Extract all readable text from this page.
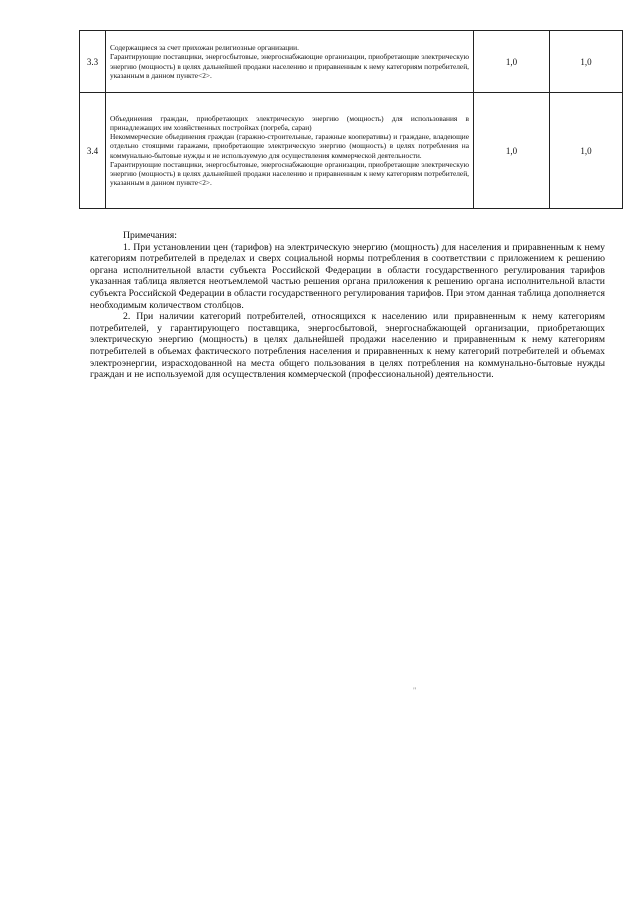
3.3	Содержащиеся за счет прихожан религиозные организации.

Гарантирующие поставщики, энергосбытовые, энергоснабжающие организации, приобретающие электрическую энергию (мощность) в целях дальнейшей продажи населению и приравненным к нему категориям потребителей, указанным в данном пункте<2>.	1,0	1,0
3.4	Объединения граждан, приобретающих электрическую энергию (мощность) для использования в принадлежащих им хозяйственных постройках (погреба, сараи)

Некоммерческие объединения граждан (гаражно-строительные, гаражные кооперативы) и граждане, владеющие отдельно стоящими гаражами, приобретающие электрическую энергию (мощность) в целях потребления на коммунально-бытовые нужды и не используемую для осуществления коммерческой деятельности.

Гарантирующие поставщики, энергосбытовые, энергоснабжающие организации, приобретающие электрическую энергию (мощность) в целях дальнейшей продажи населению и приравненным к нему категориям потребителей, указанным в данном пункте<2>.	1,0	1,0
Примечания:

1. При установлении цен (тарифов) на электрическую энергию (мощность) для населения и приравненным к нему категориям потребителей в пределах и сверх социальной нормы потребления в соответствии с приложением к решению органа исполнительной власти субъекта Российской Федерации в области государственного регулирования тарифов указанная таблица является неотъемлемой частью решения органа приложения к решению органа исполнительной власти субъекта Российской Федерации в области государственного регулирования тарифов. При этом данная таблица дополняется необходимым количеством столбцов.

2. При наличии категорий потребителей, относящихся к населению или приравненным к нему категориям потребителей, у гарантирующего поставщика, энергосбытовой, энергоснабжающей организации, приобретающих электрическую энергию (мощность) в целях дальнейшей продажи населению и приравненным к нему категориям потребителей в объемах фактического потребления населения и приравненных к нему категорий потребителей и объемах электроэнергии, израсходованной на места общего пользования в целях потребления на коммунально-бытовые нужды граждан и не используемой для осуществления коммерческой (профессиональной) деятельности.

"
